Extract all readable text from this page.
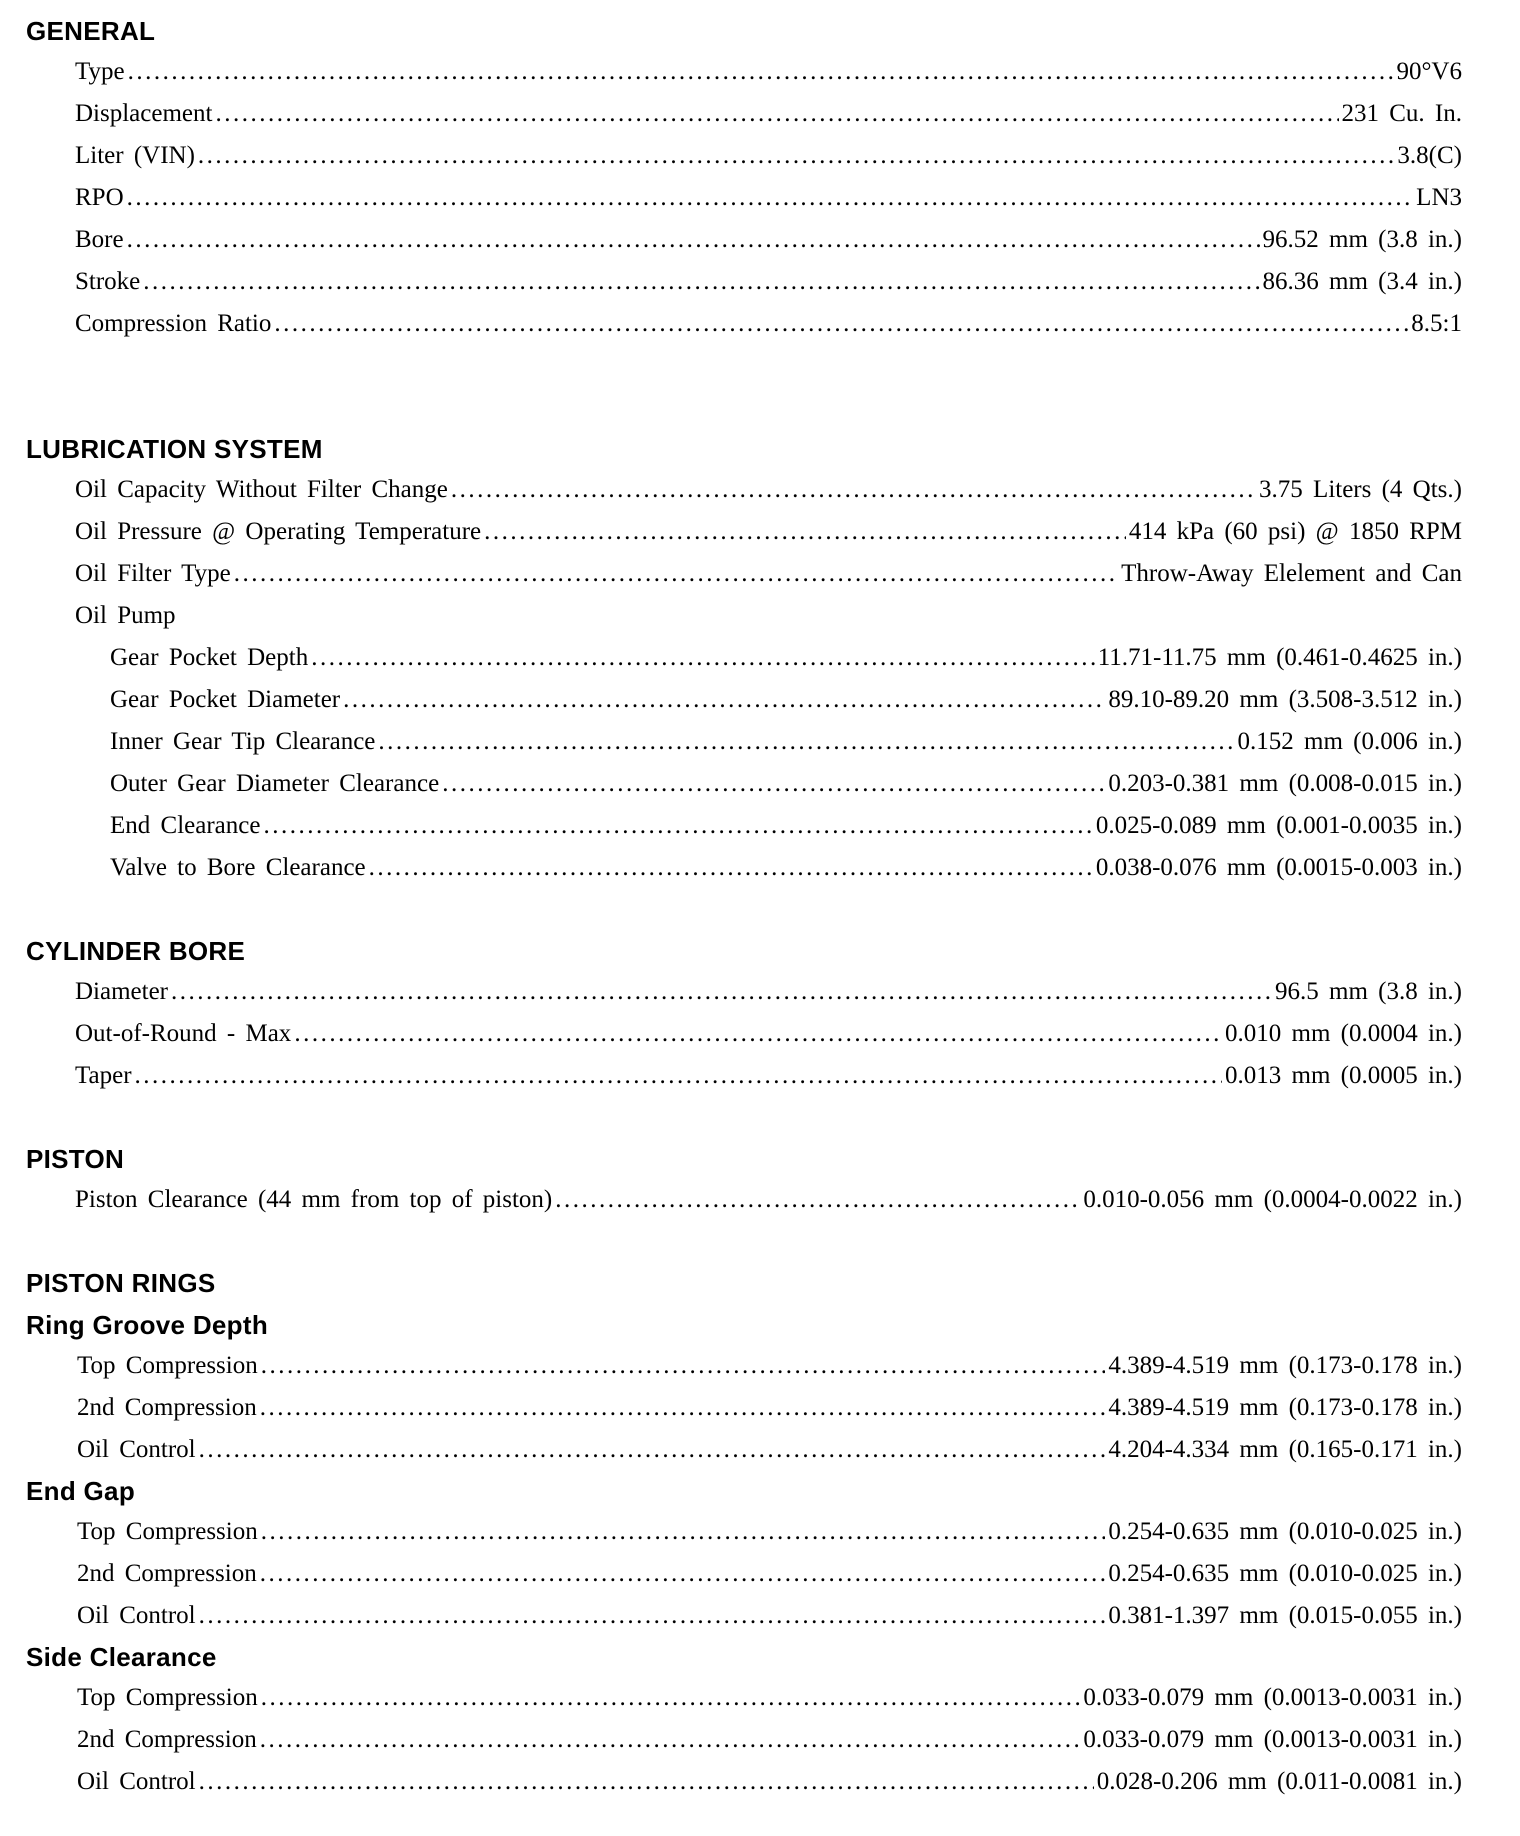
GENERAL
Type .....	90°V6
Displacement .....	231 Cu. In.
Liter (VIN) .....	3.8(C)
RPO .....	LN3
Bore .....	96.52 mm (3.8 in.)
Stroke .....	86.36 mm (3.4 in.)
Compression Ratio .....	8.5:1
LUBRICATION SYSTEM
Oil Capacity Without Filter Change .....	3.75 Liters (4 Qts.)
Oil Pressure @ Operating Temperature .....	414 kPa (60 psi) @ 1850 RPM
Oil Filter Type .....	Throw-Away Elelement and Can
Oil Pump
Gear Pocket Depth .....	11.71-11.75 mm (0.461-0.4625 in.)
Gear Pocket Diameter .....	89.10-89.20 mm (3.508-3.512 in.)
Inner Gear Tip Clearance .....	0.152 mm (0.006 in.)
Outer Gear Diameter Clearance .....	0.203-0.381 mm (0.008-0.015 in.)
End Clearance .....	0.025-0.089 mm (0.001-0.0035 in.)
Valve to Bore Clearance .....	0.038-0.076 mm (0.0015-0.003 in.)
CYLINDER BORE
Diameter .....	96.5 mm (3.8 in.)
Out-of-Round - Max .....	0.010 mm (0.0004 in.)
Taper .....	0.013 mm (0.0005 in.)
PISTON
Piston Clearance (44 mm from top of piston) .....	0.010-0.056 mm (0.0004-0.0022 in.)
PISTON RINGS
Ring Groove Depth
Top Compression .....	4.389-4.519 mm (0.173-0.178 in.)
2nd Compression .....	4.389-4.519 mm (0.173-0.178 in.)
Oil Control .....	4.204-4.334 mm (0.165-0.171 in.)
End Gap
Top Compression .....	0.254-0.635 mm (0.010-0.025 in.)
2nd Compression .....	0.254-0.635 mm (0.010-0.025 in.)
Oil Control .....	0.381-1.397 mm (0.015-0.055 in.)
Side Clearance
Top Compression .....	0.033-0.079 mm (0.0013-0.0031 in.)
2nd Compression .....	0.033-0.079 mm (0.0013-0.0031 in.)
Oil Control .....	0.028-0.206 mm (0.011-0.0081 in.)
